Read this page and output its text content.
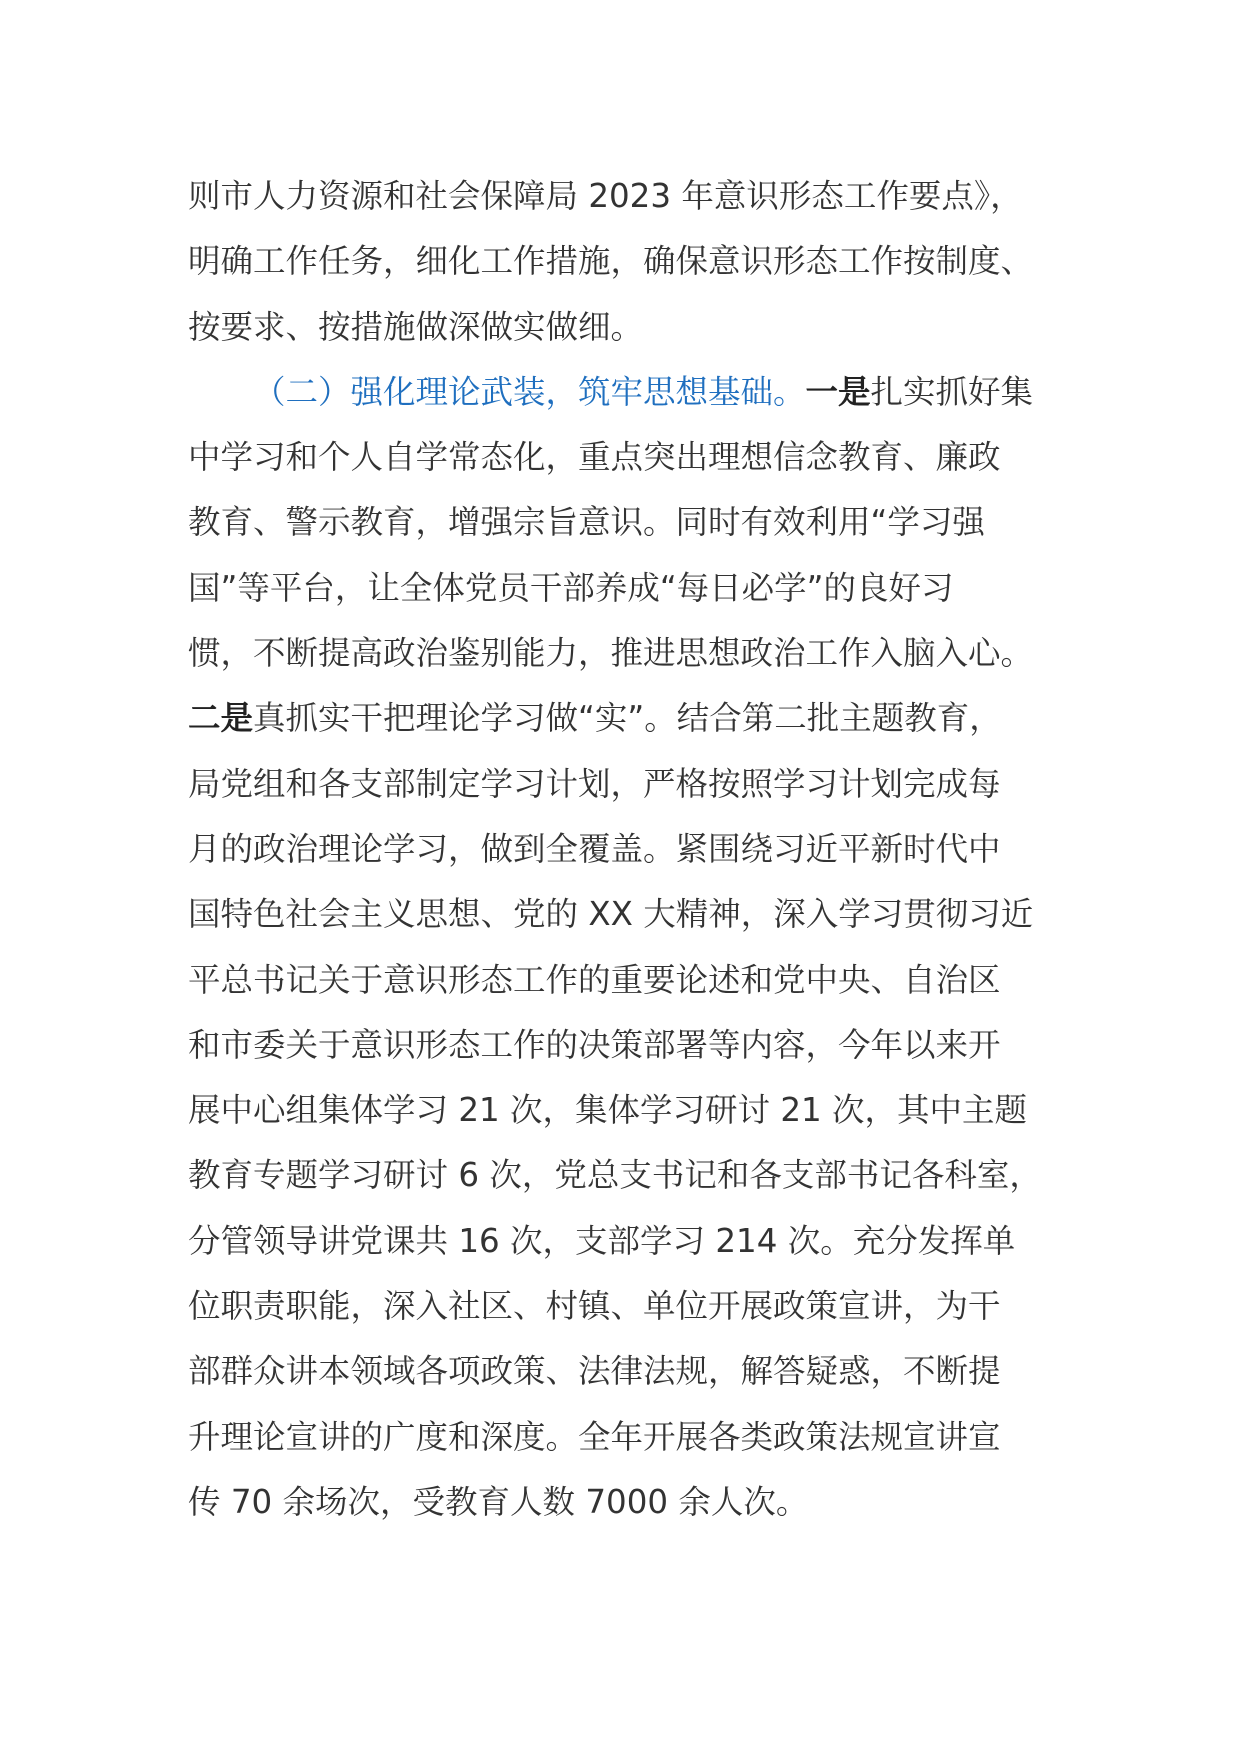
则市人力资源和社会保障局 2023 年意识形态工作要点》，
明确工作任务，细化工作措施，确保意识形态工作按制度、
按要求、按措施做深做实做细。
（二）强化理论武装，筑牢思想基础。一是扎实抓好集
中学习和个人自学常态化，重点突出理想信念教育、廉政
教育、警示教育，增强宗旨意识。同时有效利用“学习强
国”等平台，让全体党员干部养成“每日必学”的良好习
惯，不断提高政治鉴别能力，推进思想政治工作入脑入心。
二是真抓实干把理论学习做“实”。结合第二批主题教育，
局党组和各支部制定学习计划，严格按照学习计划完成每
月的政治理论学习，做到全覆盖。紧围绕习近平新时代中
国特色社会主义思想、党的 XX 大精神，深入学习贯彻习近
平总书记关于意识形态工作的重要论述和党中央、自治区
和市委关于意识形态工作的决策部署等内容，今年以来开
展中心组集体学习 21 次，集体学习研讨 21 次，其中主题
教育专题学习研讨 6 次，党总支书记和各支部书记各科室，
分管领导讲党课共 16 次，支部学习 214 次。充分发挥单
位职责职能，深入社区、村镇、单位开展政策宣讲，为干
部群众讲本领域各项政策、法律法规，解答疑惑，不断提
升理论宣讲的广度和深度。全年开展各类政策法规宣讲宣
传 70 余场次，受教育人数 7000 余人次。
